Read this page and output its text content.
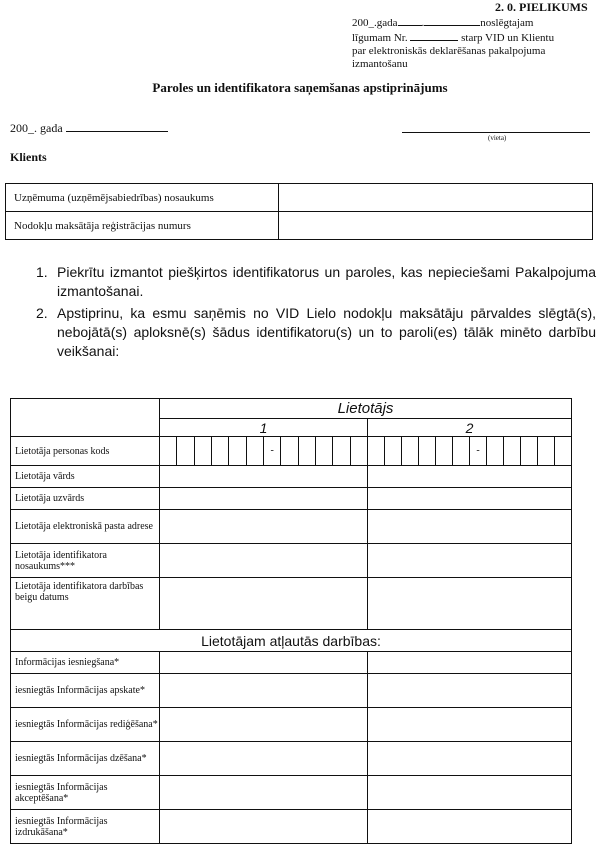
2. 0. PIELIKUMS
200_.gada .	noslēgtajam
līgumam Nr.	starp VID un Klientu
par elektroniskās deklarēšanas pakalpojuma
izmantošanu
Paroles un identifikatora saņemšanas apstiprinājums
200_. gada
(vieta)
Klients
Uzņēmuma (uzņēmējsabiedrības) nosaukums	
Nodokļu maksātāja reģistrācijas numurs	
1. Piekrītu izmantot piešķirtos identifikatorus un paroles, kas nepieciešami Pakalpojuma izmantošanai.
2. Apstiprinu, ka esmu saņēmis no VID Lielo nodokļu maksātāju pārvaldes slēgtā(s), nebojātā(s) aploksnē(s) šādus identifikatoru(s) un to paroli(es) tālāk minēto darbību veikšanai:
	Lietotājs	
	1	2
Lietotāja personas kods	-	-

Lietotāja vārds		
Lietotāja uzvārds		
Lietotāja elektroniskā pasta adrese		
Lietotāja identifikatora nosaukums***		
Lietotāja identifikatora darbības beigu datums		
Lietotājam atļautās darbības:		
Informācijas iesniegšana*		
iesniegtās Informācijas apskate*		
iesniegtās Informācijas rediģēšana*		
iesniegtās Informācijas dzēšana*		
iesniegtās Informācijas akceptēšana*		
iesniegtās Informācijas izdrukāšana*		
